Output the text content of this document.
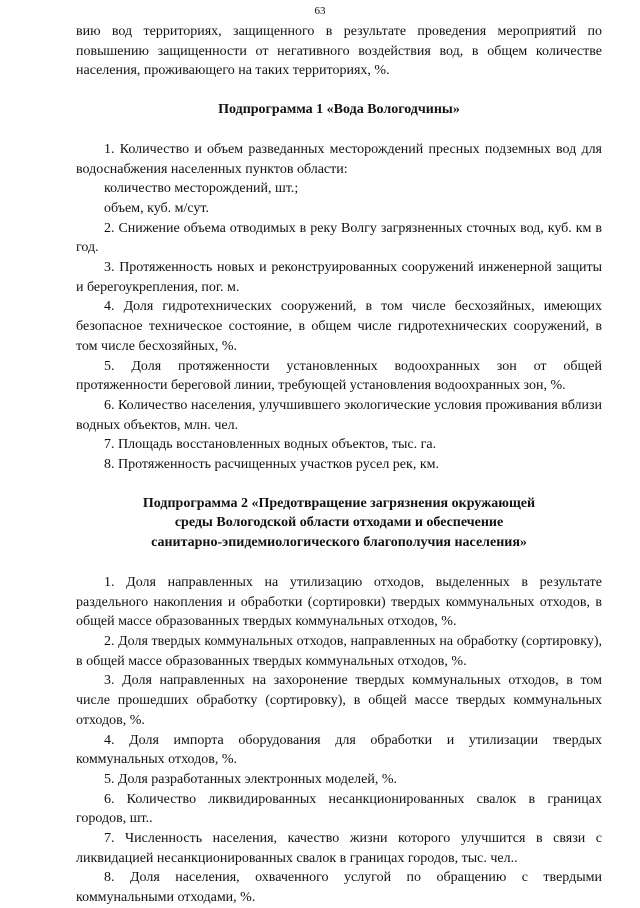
63

вию вод территориях, защищенного в результате проведения мероприятий по повышению защищенности от негативного воздействия вод, в общем количестве населения, проживающего на таких территориях, %.

Подпрограмма 1 «Вода Вологодчины»

1. Количество и объем разведанных месторождений пресных подземных вод для водоснабжения населенных пунктов области:

количество месторождений, шт.;

объем, куб. м/сут.

2. Снижение объема отводимых в реку Волгу загрязненных сточных вод, куб. км в год.

3. Протяженность новых и реконструированных сооружений инженерной защиты и берегоукрепления, пог. м.

4. Доля гидротехнических сооружений, в том числе бесхозяйных, имеющих безопасное техническое состояние, в общем числе гидротехнических сооружений, в том числе бесхозяйных, %.

5. Доля протяженности установленных водоохранных зон от общей протяженности береговой линии, требующей установления водоохранных зон, %.

6. Количество населения, улучшившего экологические условия проживания вблизи водных объектов, млн. чел.

7. Площадь восстановленных водных объектов, тыс. га.

8. Протяженность расчищенных участков русел рек, км.

Подпрограмма 2 «Предотвращение загрязнения окружающей
среды Вологодской области отходами и обеспечение
санитарно-эпидемиологического благополучия населения»

1. Доля направленных на утилизацию отходов, выделенных в результате раздельного накопления и обработки (сортировки) твердых коммунальных отходов, в общей массе образованных твердых коммунальных отходов, %.

2. Доля твердых коммунальных отходов, направленных на обработку (сортировку), в общей массе образованных твердых коммунальных отходов, %.

3. Доля направленных на захоронение твердых коммунальных отходов, в том числе прошедших обработку (сортировку), в общей массе твердых коммунальных отходов, %.

4. Доля импорта оборудования для обработки и утилизации твердых коммунальных отходов, %.

5. Доля разработанных электронных моделей, %.

6. Количество ликвидированных несанкционированных свалок в границах городов, шт..

7. Численность населения, качество жизни которого улучшится в связи с ликвидацией несанкционированных свалок в границах городов, тыс. чел..

8. Доля населения, охваченного услугой по обращению с твердыми коммунальными отходами, %.
